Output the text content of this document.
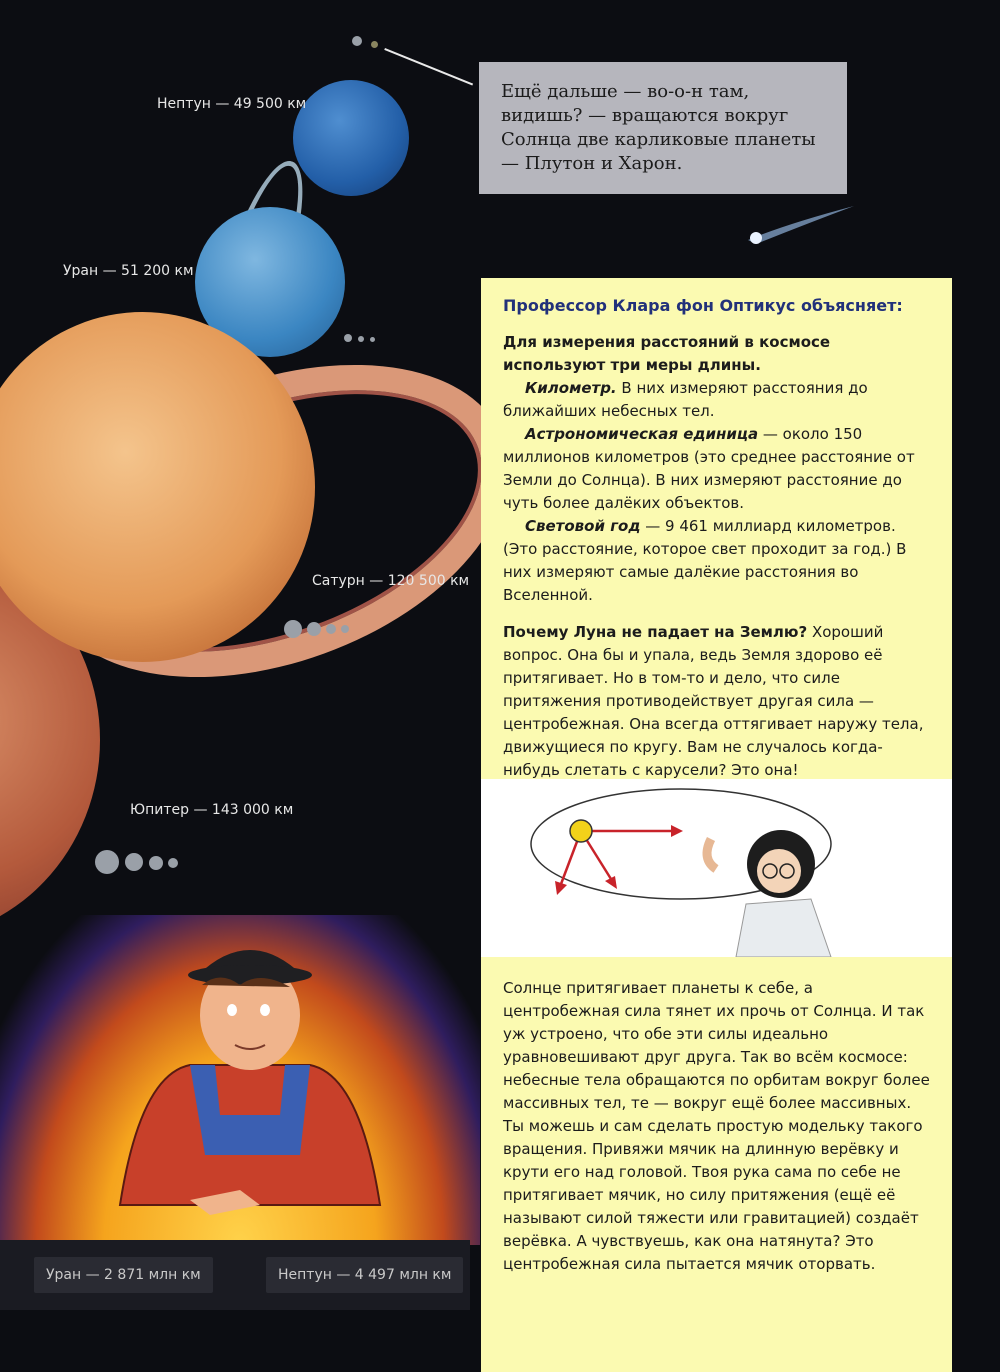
Нептун — 49 500 км
Уран — 51 200 км
Сатурн — 120 500 км
Юпитер — 143 000 км
Ещё дальше — во-о-н там, видишь? — вращаются вокруг Солнца две карликовые планеты — Плутон и Харон.
Профессор Клара фон Оптикус объясняет:

Для измерения расстояний в космосе используют три меры длины.

Километр. В них измеряют расстояния до ближайших небесных тел.

Астрономическая единица — около 150 миллионов километров (это среднее расстояние от Земли до Солнца). В них измеряют расстояние до чуть более далёких объектов.

Световой год — 9 461 миллиард километров. (Это расстояние, которое свет проходит за год.) В них измеряют самые далёкие расстояния во Вселенной.

Почему Луна не падает на Землю? Хороший вопрос. Она бы и упала, ведь Земля здорово её притягивает. Но в том-то и дело, что силе притяжения противодействует другая сила — центробежная. Она всегда оттягивает наружу тела, движущиеся по кругу. Вам не случалось когда-нибудь слетать с карусели? Это она!

Солнце притягивает планеты к себе, а центробежная сила тянет их прочь от Солнца. И так уж устроено, что обе эти силы идеально уравновешивают друг друга. Так во всём космосе: небесные тела обращаются по орбитам вокруг более массивных тел, те — вокруг ещё более массивных. Ты можешь и сам сделать простую модельку такого вращения. Привяжи мячик на длинную верёвку и крути его над головой. Твоя рука сама по себе не притягивает мячик, но силу притяжения (ещё её называют силой тяжести или гравитацией) создаёт верёвка. А чувствуешь, как она натянута? Это центробежная сила пытается мячик оторвать.

Уран — 2 871 млн км	Нептун — 4 497 млн км
